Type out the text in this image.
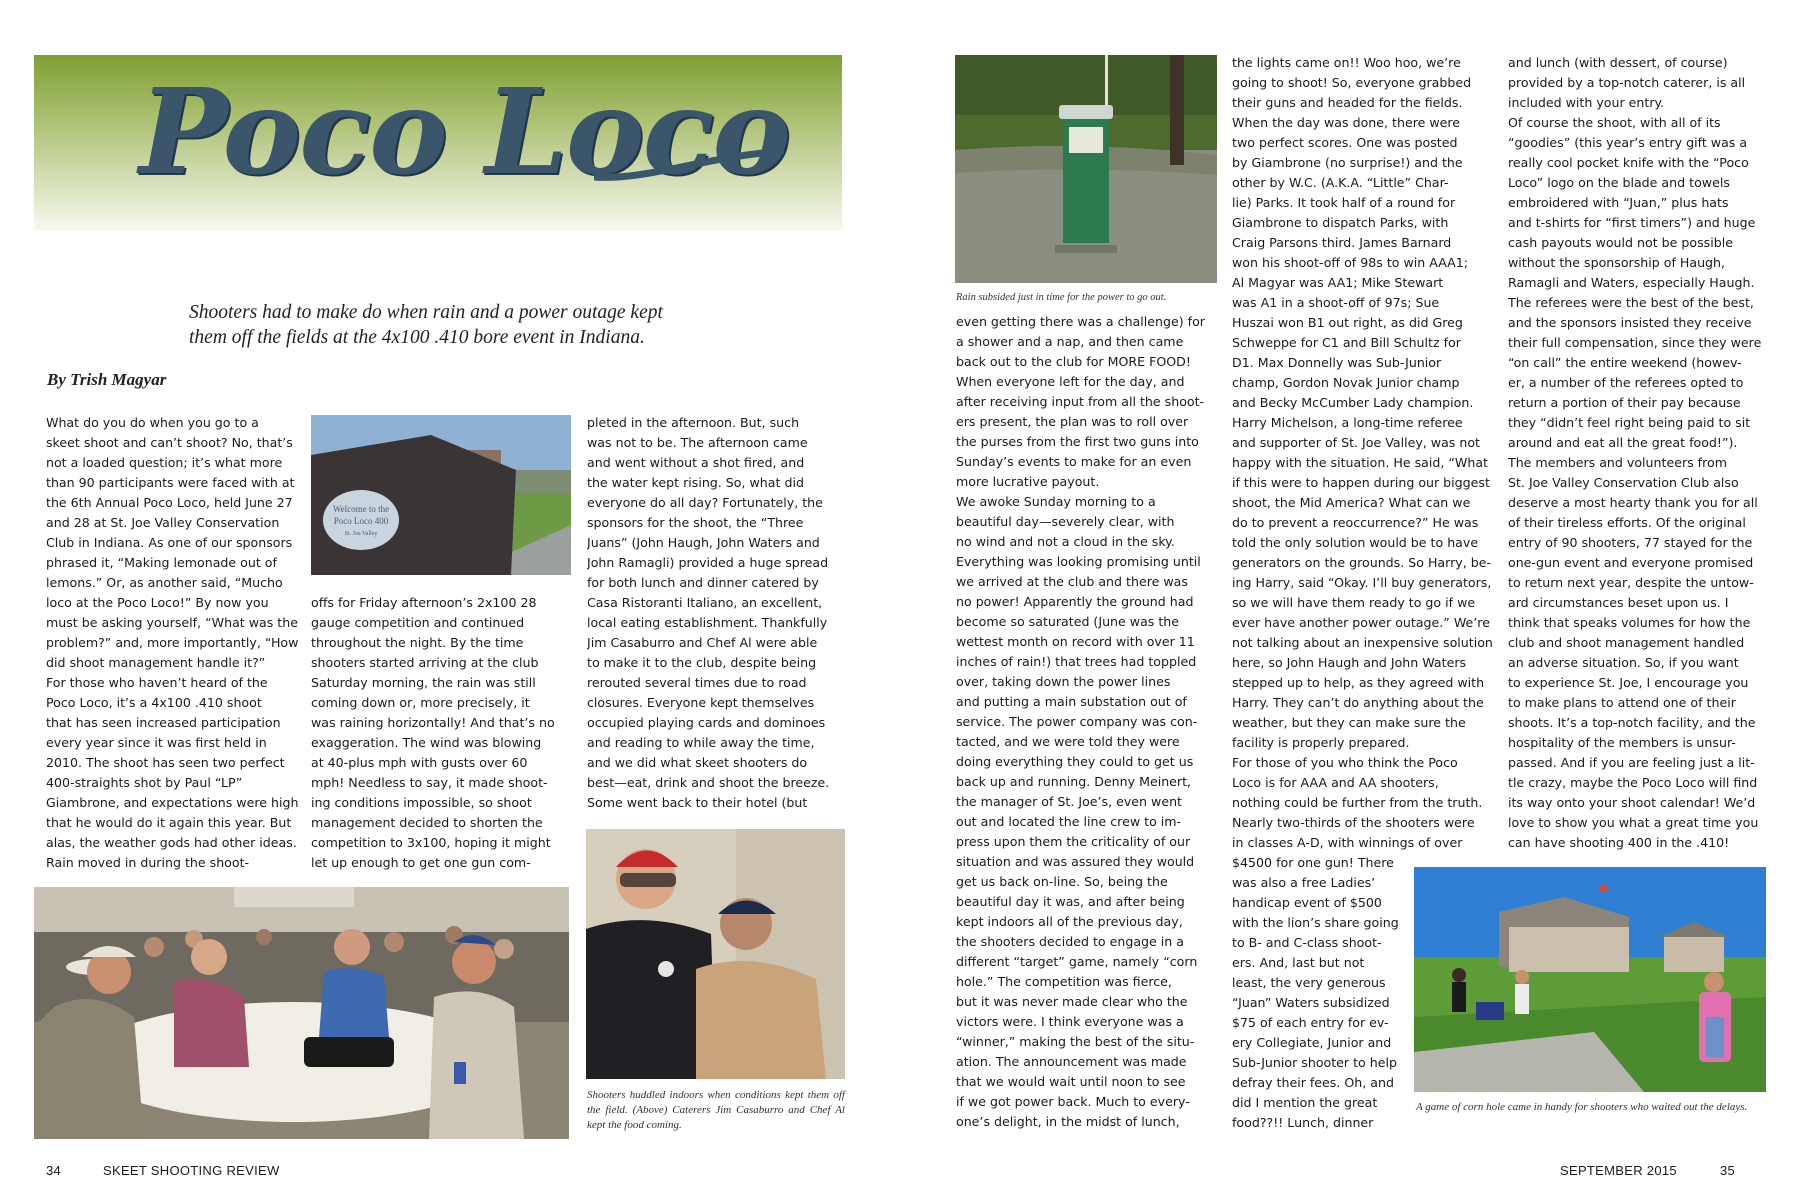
Poco Loco
Shooters had to make do when rain and a power outage kept
them off the fields at the 4x100 .410 bore event in Indiana.
By Trish Magyar
What do you do when you go to a
skeet shoot and can’t shoot? No, that’s
not a loaded question; it’s what more
than 90 participants were faced with at
the 6th Annual Poco Loco, held June 27
and 28 at St. Joe Valley Conservation
Club in Indiana. As one of our sponsors
phrased it, “Making lemonade out of
lemons.” Or, as another said, “Mucho
loco at the Poco Loco!” By now you
must be asking yourself, “What was the
problem?” and, more importantly, “How
did shoot management handle it?”
For those who haven’t heard of the
Poco Loco, it’s a 4x100 .410 shoot
that has seen increased participation
every year since it was first held in
2010. The shoot has seen two perfect
400-straights shot by Paul “LP”
Giambrone, and expectations were high
that he would do it again this year. But
alas, the weather gods had other ideas.
Rain moved in during the shoot-
offs for Friday afternoon’s 2x100 28
gauge competition and continued
throughout the night. By the time
shooters started arriving at the club
Saturday morning, the rain was still
coming down or, more precisely, it
was raining horizontally! And that’s no
exaggeration. The wind was blowing
at 40-plus mph with gusts over 60
mph! Needless to say, it made shoot-
ing conditions impossible, so shoot
management decided to shorten the
competition to 3x100, hoping it might
let up enough to get one gun com-
pleted in the afternoon. But, such
was not to be. The afternoon came
and went without a shot fired, and
the water kept rising. So, what did
everyone do all day? Fortunately, the
sponsors for the shoot, the “Three
Juans” (John Haugh, John Waters and
John Ramagli) provided a huge spread
for both lunch and dinner catered by
Casa Ristoranti Italiano, an excellent,
local eating establishment. Thankfully
Jim Casaburro and Chef Al were able
to make it to the club, despite being
rerouted several times due to road
closures. Everyone kept themselves
occupied playing cards and dominoes
and reading to while away the time,
and we did what skeet shooters do
best—eat, drink and shoot the breeze.
Some went back to their hotel (but
even getting there was a challenge) for
a shower and a nap, and then came
back out to the club for MORE FOOD!
When everyone left for the day, and
after receiving input from all the shoot-
ers present, the plan was to roll over
the purses from the first two guns into
Sunday’s events to make for an even
more lucrative payout.
We awoke Sunday morning to a
beautiful day—severely clear, with
no wind and not a cloud in the sky.
Everything was looking promising until
we arrived at the club and there was
no power! Apparently the ground had
become so saturated (June was the
wettest month on record with over 11
inches of rain!) that trees had toppled
over, taking down the power lines
and putting a main substation out of
service. The power company was con-
tacted, and we were told they were
doing everything they could to get us
back up and running. Denny Meinert,
the manager of St. Joe’s, even went
out and located the line crew to im-
press upon them the criticality of our
situation and was assured they would
get us back on-line. So, being the
beautiful day it was, and after being
kept indoors all of the previous day,
the shooters decided to engage in a
different “target” game, namely “corn
hole.” The competition was fierce,
but it was never made clear who the
victors were. I think everyone was a
“winner,” making the best of the situ-
ation. The announcement was made
that we would wait until noon to see
if we got power back. Much to every-
one’s delight, in the midst of lunch,
the lights came on!! Woo hoo, we’re
going to shoot! So, everyone grabbed
their guns and headed for the fields.
When the day was done, there were
two perfect scores. One was posted
by Giambrone (no surprise!) and the
other by W.C. (A.K.A. “Little” Char-
lie) Parks. It took half of a round for
Giambrone to dispatch Parks, with
Craig Parsons third. James Barnard
won his shoot-off of 98s to win AAA1;
Al Magyar was AA1; Mike Stewart
was A1 in a shoot-off of 97s; Sue
Huszai won B1 out right, as did Greg
Schweppe for C1 and Bill Schultz for
D1. Max Donnelly was Sub-Junior
champ, Gordon Novak Junior champ
and Becky McCumber Lady champion.
Harry Michelson, a long-time referee
and supporter of St. Joe Valley, was not
happy with the situation. He said, “What
if this were to happen during our biggest
shoot, the Mid America? What can we
do to prevent a reoccurrence?” He was
told the only solution would be to have
generators on the grounds. So Harry, be-
ing Harry, said “Okay. I’ll buy generators,
so we will have them ready to go if we
ever have another power outage.” We’re
not talking about an inexpensive solution
here, so John Haugh and John Waters
stepped up to help, as they agreed with
Harry. They can’t do anything about the
weather, but they can make sure the
facility is properly prepared.
For those of you who think the Poco
Loco is for AAA and AA shooters,
nothing could be further from the truth.
Nearly two-thirds of the shooters were
in classes A-D, with winnings of over
$4500 for one gun! There
was also a free Ladies’
handicap event of $500
with the lion’s share going
to B- and C-class shoot-
ers. And, last but not
least, the very generous
“Juan” Waters subsidized
$75 of each entry for ev-
ery Collegiate, Junior and
Sub-Junior shooter to help
defray their fees. Oh, and
did I mention the great
food??!! Lunch, dinner
and lunch (with dessert, of course)
provided by a top-notch caterer, is all
included with your entry.
Of course the shoot, with all of its
“goodies” (this year’s entry gift was a
really cool pocket knife with the “Poco
Loco” logo on the blade and towels
embroidered with “Juan,” plus hats
and t-shirts for “first timers”) and huge
cash payouts would not be possible
without the sponsorship of Haugh,
Ramagli and Waters, especially Haugh.
The referees were the best of the best,
and the sponsors insisted they receive
their full compensation, since they were
“on call” the entire weekend (howev-
er, a number of the referees opted to
return a portion of their pay because
they “didn’t feel right being paid to sit
around and eat all the great food!”).
The members and volunteers from
St. Joe Valley Conservation Club also
deserve a most hearty thank you for all
of their tireless efforts. Of the original
entry of 90 shooters, 77 stayed for the
one-gun event and everyone promised
to return next year, despite the untow-
ard circumstances beset upon us. I
think that speaks volumes for how the
club and shoot management handled
an adverse situation. So, if you want
to experience St. Joe, I encourage you
to make plans to attend one of their
shoots. It’s a top-notch facility, and the
hospitality of the members is unsur-
passed. And if you are feeling just a lit-
tle crazy, maybe the Poco Loco will find
its way onto your shoot calendar! We’d
love to show you what a great time you
can have shooting 400 in the .410!
Welcome to the
Poco Loco 400
St. Joe Valley
Shooters huddled indoors when conditions kept them off the field. (Above) Caterers Jim Casaburro and Chef Al kept the food coming.
Rain subsided just in time for the power to go out.
A game of corn hole came in handy for shooters who waited out the delays.
34	SKEET SHOOTING REVIEW	SEPTEMBER 2015	35
